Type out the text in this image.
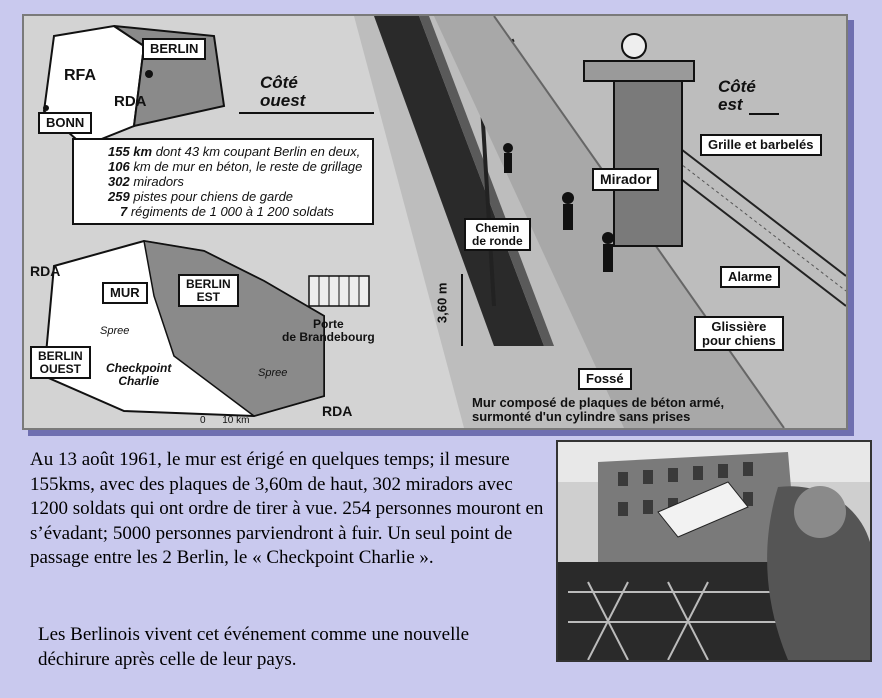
BERLIN
RFA
RDA
BONN
Côté
ouest
Côté
est
155 km dont 43 km coupant Berlin en deux,
106 km de mur en béton, le reste de grillage
302 miradors
259 pistes pour chiens de garde
7 régiments de 1 000 à 1 200 soldats
RDA
MUR
BERLIN
EST
BERLIN
OUEST
Spree
Spree
Checkpoint
Charlie
Porte
de Brandebourg
RDA
0      10 km
3,60 m
Grille et barbelés
Mirador
Chemin
de ronde
Alarme
Glissière
pour chiens
Fossé
Mur composé de plaques de béton armé,
surmonté d'un cylindre sans prises
Au 13 août 1961, le mur est érigé en quelques temps; il mesure 155kms, avec des plaques de 3,60m de haut, 302 miradors avec 1200 soldats qui ont ordre de tirer à vue. 254 personnes mouront en s’évadant; 5000 personnes parviendront à fuir. Un seul point de passage entre les 2 Berlin, le « Checkpoint Charlie ».
Les Berlinois vivent cet événement comme une nouvelle déchirure après celle de leur pays.
